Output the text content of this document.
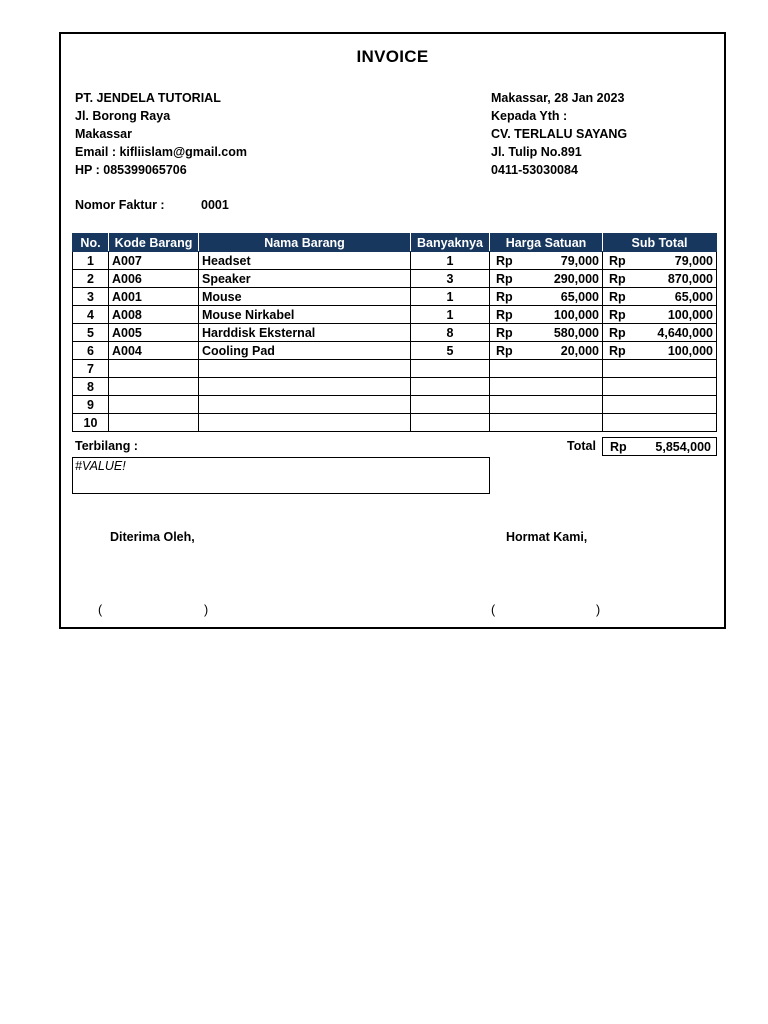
INVOICE
PT. JENDELA TUTORIAL
Jl. Borong Raya
Makassar
Email : kifliislam@gmail.com
HP : 085399065706
Makassar, 28 Jan 2023
Kepada Yth :
CV. TERLALU SAYANG
Jl. Tulip No.891
0411-53030084
Nomor Faktur :	0001
No.	Kode Barang	Nama Barang	Banyaknya	Harga Satuan	Sub Total
1	A007	Headset	1	Rp 79,000	Rp 79,000

2	A006	Speaker	3	Rp 290,000	Rp 870,000

3	A001	Mouse	1	Rp 65,000	Rp 65,000

4	A008	Mouse Nirkabel	1	Rp 100,000	Rp 100,000

5	A005	Harddisk Eksternal	8	Rp 580,000	Rp 4,640,000

6	A004	Cooling Pad	5	Rp 20,000	Rp 100,000

7					
8					
9					
10					
Terbilang :	Total Rp 5,854,000
#VALUE!
Diterima Oleh,	Hormat Kami,
(	)	(	)
